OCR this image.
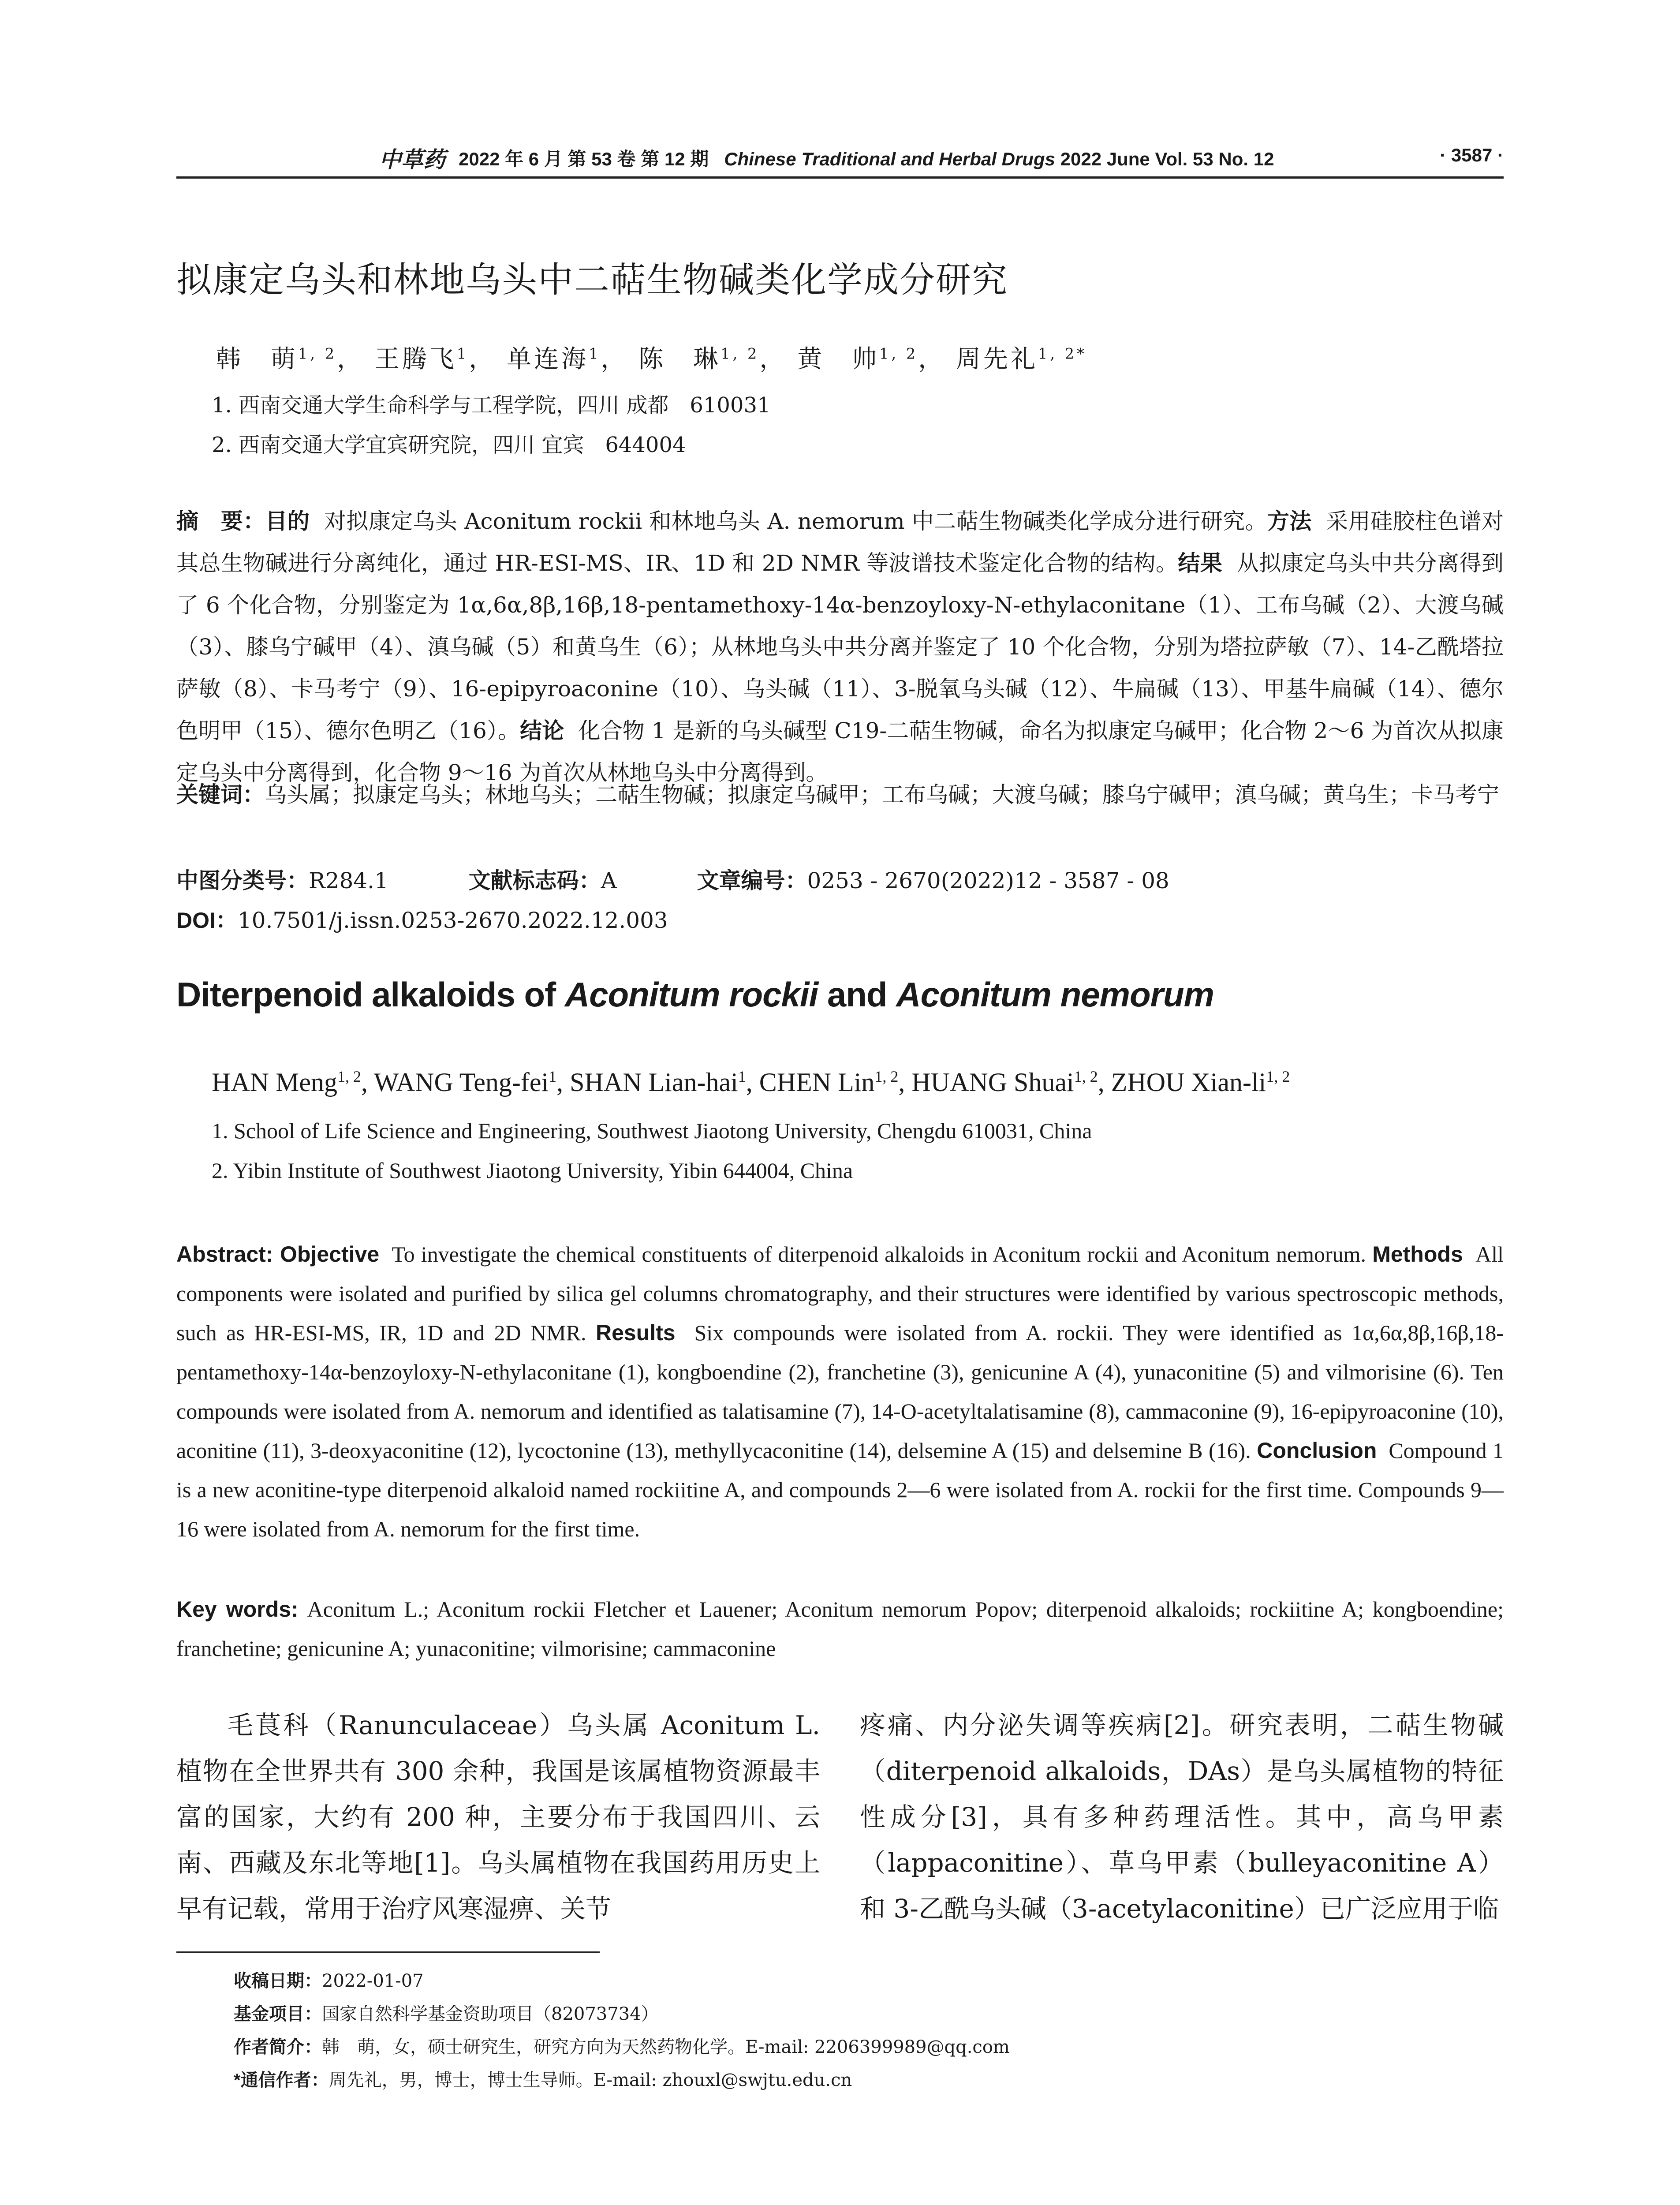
中草药 2022 年 6 月 第 53 卷 第 12 期 Chinese Traditional and Herbal Drugs 2022 June Vol. 53 No. 12	· 3587 ·
拟康定乌头和林地乌头中二萜生物碱类化学成分研究
韩　萌$^{1, 2}$， 王腾飞$^1$， 单连海$^1$， 陈　琳$^{1, 2}$， 黄　帅$^{1, 2}$， 周先礼$^{1, 2*}$
1. 西南交通大学生命科学与工程学院，四川 成都　610031
2. 西南交通大学宜宾研究院，四川 宜宾　644004
摘　要：目的 对拟康定乌头 Aconitum rockii 和林地乌头 A. nemorum 中二萜生物碱类化学成分进行研究。方法 采用硅胶柱色谱对其总生物碱进行分离纯化，通过 HR-ESI-MS、IR、1D 和 2D NMR 等波谱技术鉴定化合物的结构。结果 从拟康定乌头中共分离得到了 6 个化合物，分别鉴定为 1α,6α,8β,16β,18-pentamethoxy-14α-benzoyloxy-N-ethylaconitane（1）、工布乌碱（2）、大渡乌碱（3）、膝乌宁碱甲（4）、滇乌碱（5）和黄乌生（6）；从林地乌头中共分离并鉴定了 10 个化合物，分别为塔拉萨敏（7）、14-乙酰塔拉萨敏（8）、卡马考宁（9）、16-epipyroaconine（10）、乌头碱（11）、3-脱氧乌头碱（12）、牛扁碱（13）、甲基牛扁碱（14）、德尔色明甲（15）、德尔色明乙（16）。结论 化合物 1 是新的乌头碱型 C19-二萜生物碱，命名为拟康定乌碱甲；化合物 2～6 为首次从拟康定乌头中分离得到，化合物 9～16 为首次从林地乌头中分离得到。
关键词：乌头属；拟康定乌头；林地乌头；二萜生物碱；拟康定乌碱甲；工布乌碱；大渡乌碱；膝乌宁碱甲；滇乌碱；黄乌生；卡马考宁
中图分类号：R284.1	文献标志码：A	文章编号：0253 - 2670(2022)12 - 3587 - 08
DOI：10.7501/j.issn.0253-2670.2022.12.003
Diterpenoid alkaloids of Aconitum rockii and Aconitum nemorum
HAN Meng$^{1, 2}$, WANG Teng-fei$^1$, SHAN Lian-hai$^1$, CHEN Lin$^{1, 2}$, HUANG Shuai$^{1, 2}$, ZHOU Xian-li$^{1, 2}$
1. School of Life Science and Engineering, Southwest Jiaotong University, Chengdu 610031, China
2. Yibin Institute of Southwest Jiaotong University, Yibin 644004, China
Abstract: Objective To investigate the chemical constituents of diterpenoid alkaloids in Aconitum rockii and Aconitum nemorum. Methods All components were isolated and purified by silica gel columns chromatography, and their structures were identified by various spectroscopic methods, such as HR-ESI-MS, IR, 1D and 2D NMR. Results Six compounds were isolated from A. rockii. They were identified as 1α,6α,8β,16β,18-pentamethoxy-14α-benzoyloxy-N-ethylaconitane (1), kongboendine (2), franchetine (3), genicunine A (4), yunaconitine (5) and vilmorisine (6). Ten compounds were isolated from A. nemorum and identified as talatisamine (7), 14-O-acetyltalatisamine (8), cammaconine (9), 16-epipyroaconine (10), aconitine (11), 3-deoxyaconitine (12), lycoctonine (13), methyllycaconitine (14), delsemine A (15) and delsemine B (16). Conclusion Compound 1 is a new aconitine-type diterpenoid alkaloid named rockiitine A, and compounds 2—6 were isolated from A. rockii for the first time. Compounds 9—16 were isolated from A. nemorum for the first time.
Key words: Aconitum L.; Aconitum rockii Fletcher et Lauener; Aconitum nemorum Popov; diterpenoid alkaloids; rockiitine A; kongboendine; franchetine; genicunine A; yunaconitine; vilmorisine; cammaconine
毛茛科（Ranunculaceae）乌头属 Aconitum L. 植物在全世界共有 300 余种，我国是该属植物资源最丰富的国家，大约有 200 种，主要分布于我国四川、云南、西藏及东北等地[1]。乌头属植物在我国药用历史上早有记载，常用于治疗风寒湿痹、关节
疼痛、内分泌失调等疾病[2]。研究表明，二萜生物碱（diterpenoid alkaloids，DAs）是乌头属植物的特征性成分[3]，具有多种药理活性。其中，高乌甲素（lappaconitine）、草乌甲素（bulleyaconitine A）和 3-乙酰乌头碱（3-acetylaconitine）已广泛应用于临
收稿日期：2022-01-07
基金项目：国家自然科学基金资助项目（82073734）
作者简介：韩　萌，女，硕士研究生，研究方向为天然药物化学。E-mail: 2206399989@qq.com
*通信作者：周先礼，男，博士，博士生导师。E-mail: zhouxl@swjtu.edu.cn
